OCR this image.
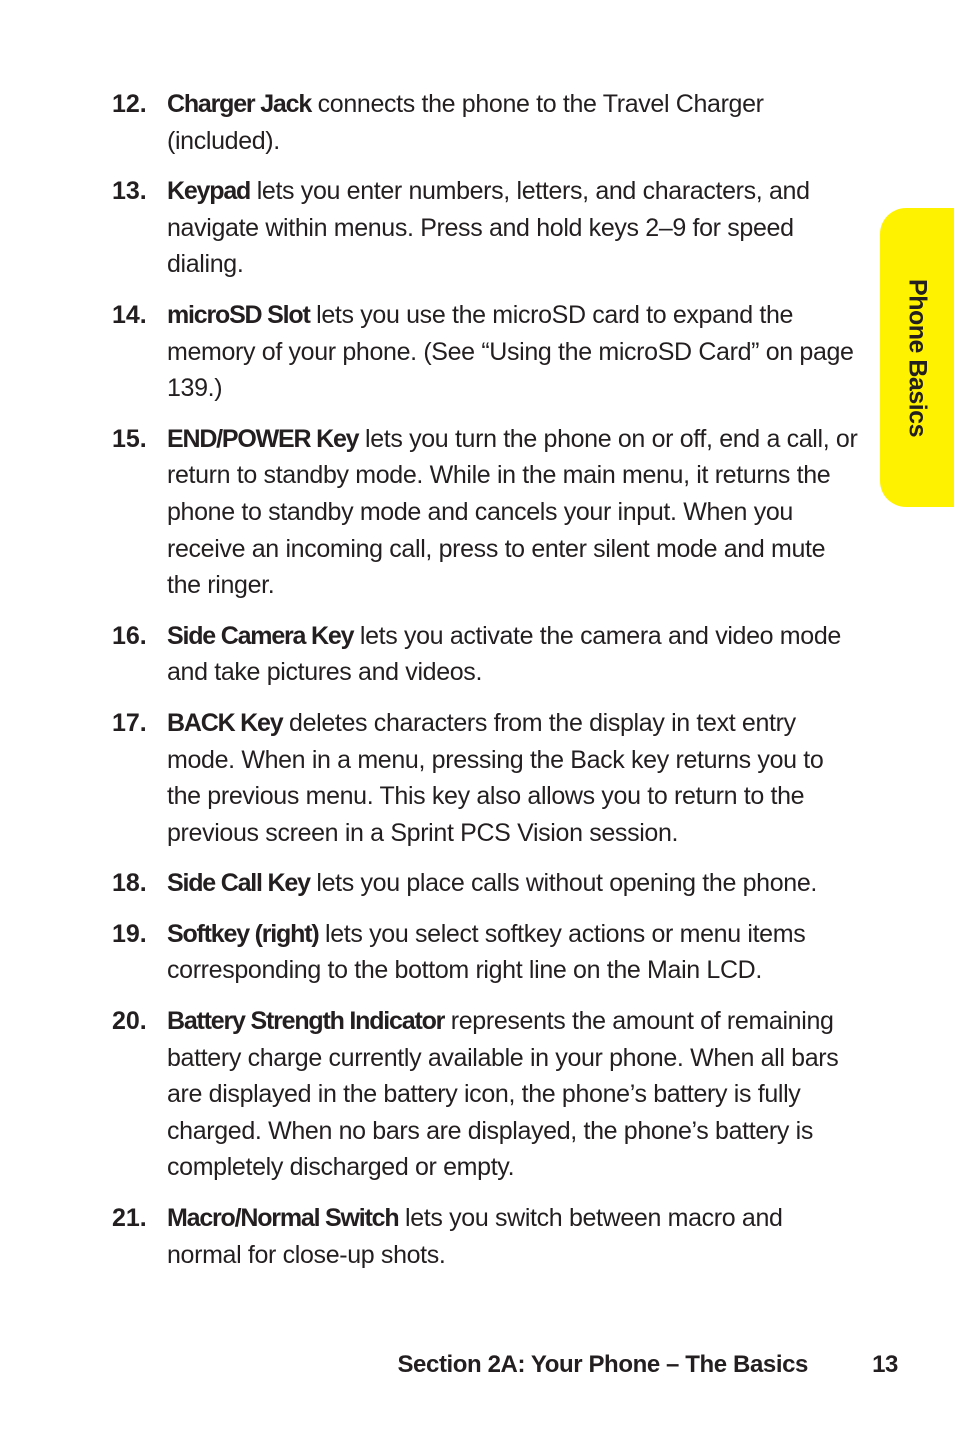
12. Charger Jack connects the phone to the Travel Charger (included).
13. Keypad lets you enter numbers, letters, and characters, and navigate within menus. Press and hold keys 2–9 for speed dialing.
14. microSD Slot lets you use the microSD card to expand the memory of your phone. (See “Using the microSD Card” on page 139.)
15. END/POWER Key lets you turn the phone on or off, end a call, or return to standby mode. While in the main menu, it returns the phone to standby mode and cancels your input. When you receive an incoming call, press to enter silent mode and mute the ringer.
16. Side Camera Key lets you activate the camera and video mode and take pictures and videos.
17. BACK Key deletes characters from the display in text entry mode. When in a menu, pressing the Back key returns you to the previous menu. This key also allows you to return to the previous screen in a Sprint PCS Vision session.
18. Side Call Key lets you place calls without opening the phone.
19. Softkey (right) lets you select softkey actions or menu items corresponding to the bottom right line on the Main LCD.
20. Battery Strength Indicator represents the amount of remaining battery charge currently available in your phone. When all bars are displayed in the battery icon, the phone’s battery is fully charged. When no bars are displayed, the phone’s battery is completely discharged or empty.
21. Macro/Normal Switch lets you switch between macro and normal for close-up shots.
Phone Basics
Section 2A: Your Phone – The Basics	13
